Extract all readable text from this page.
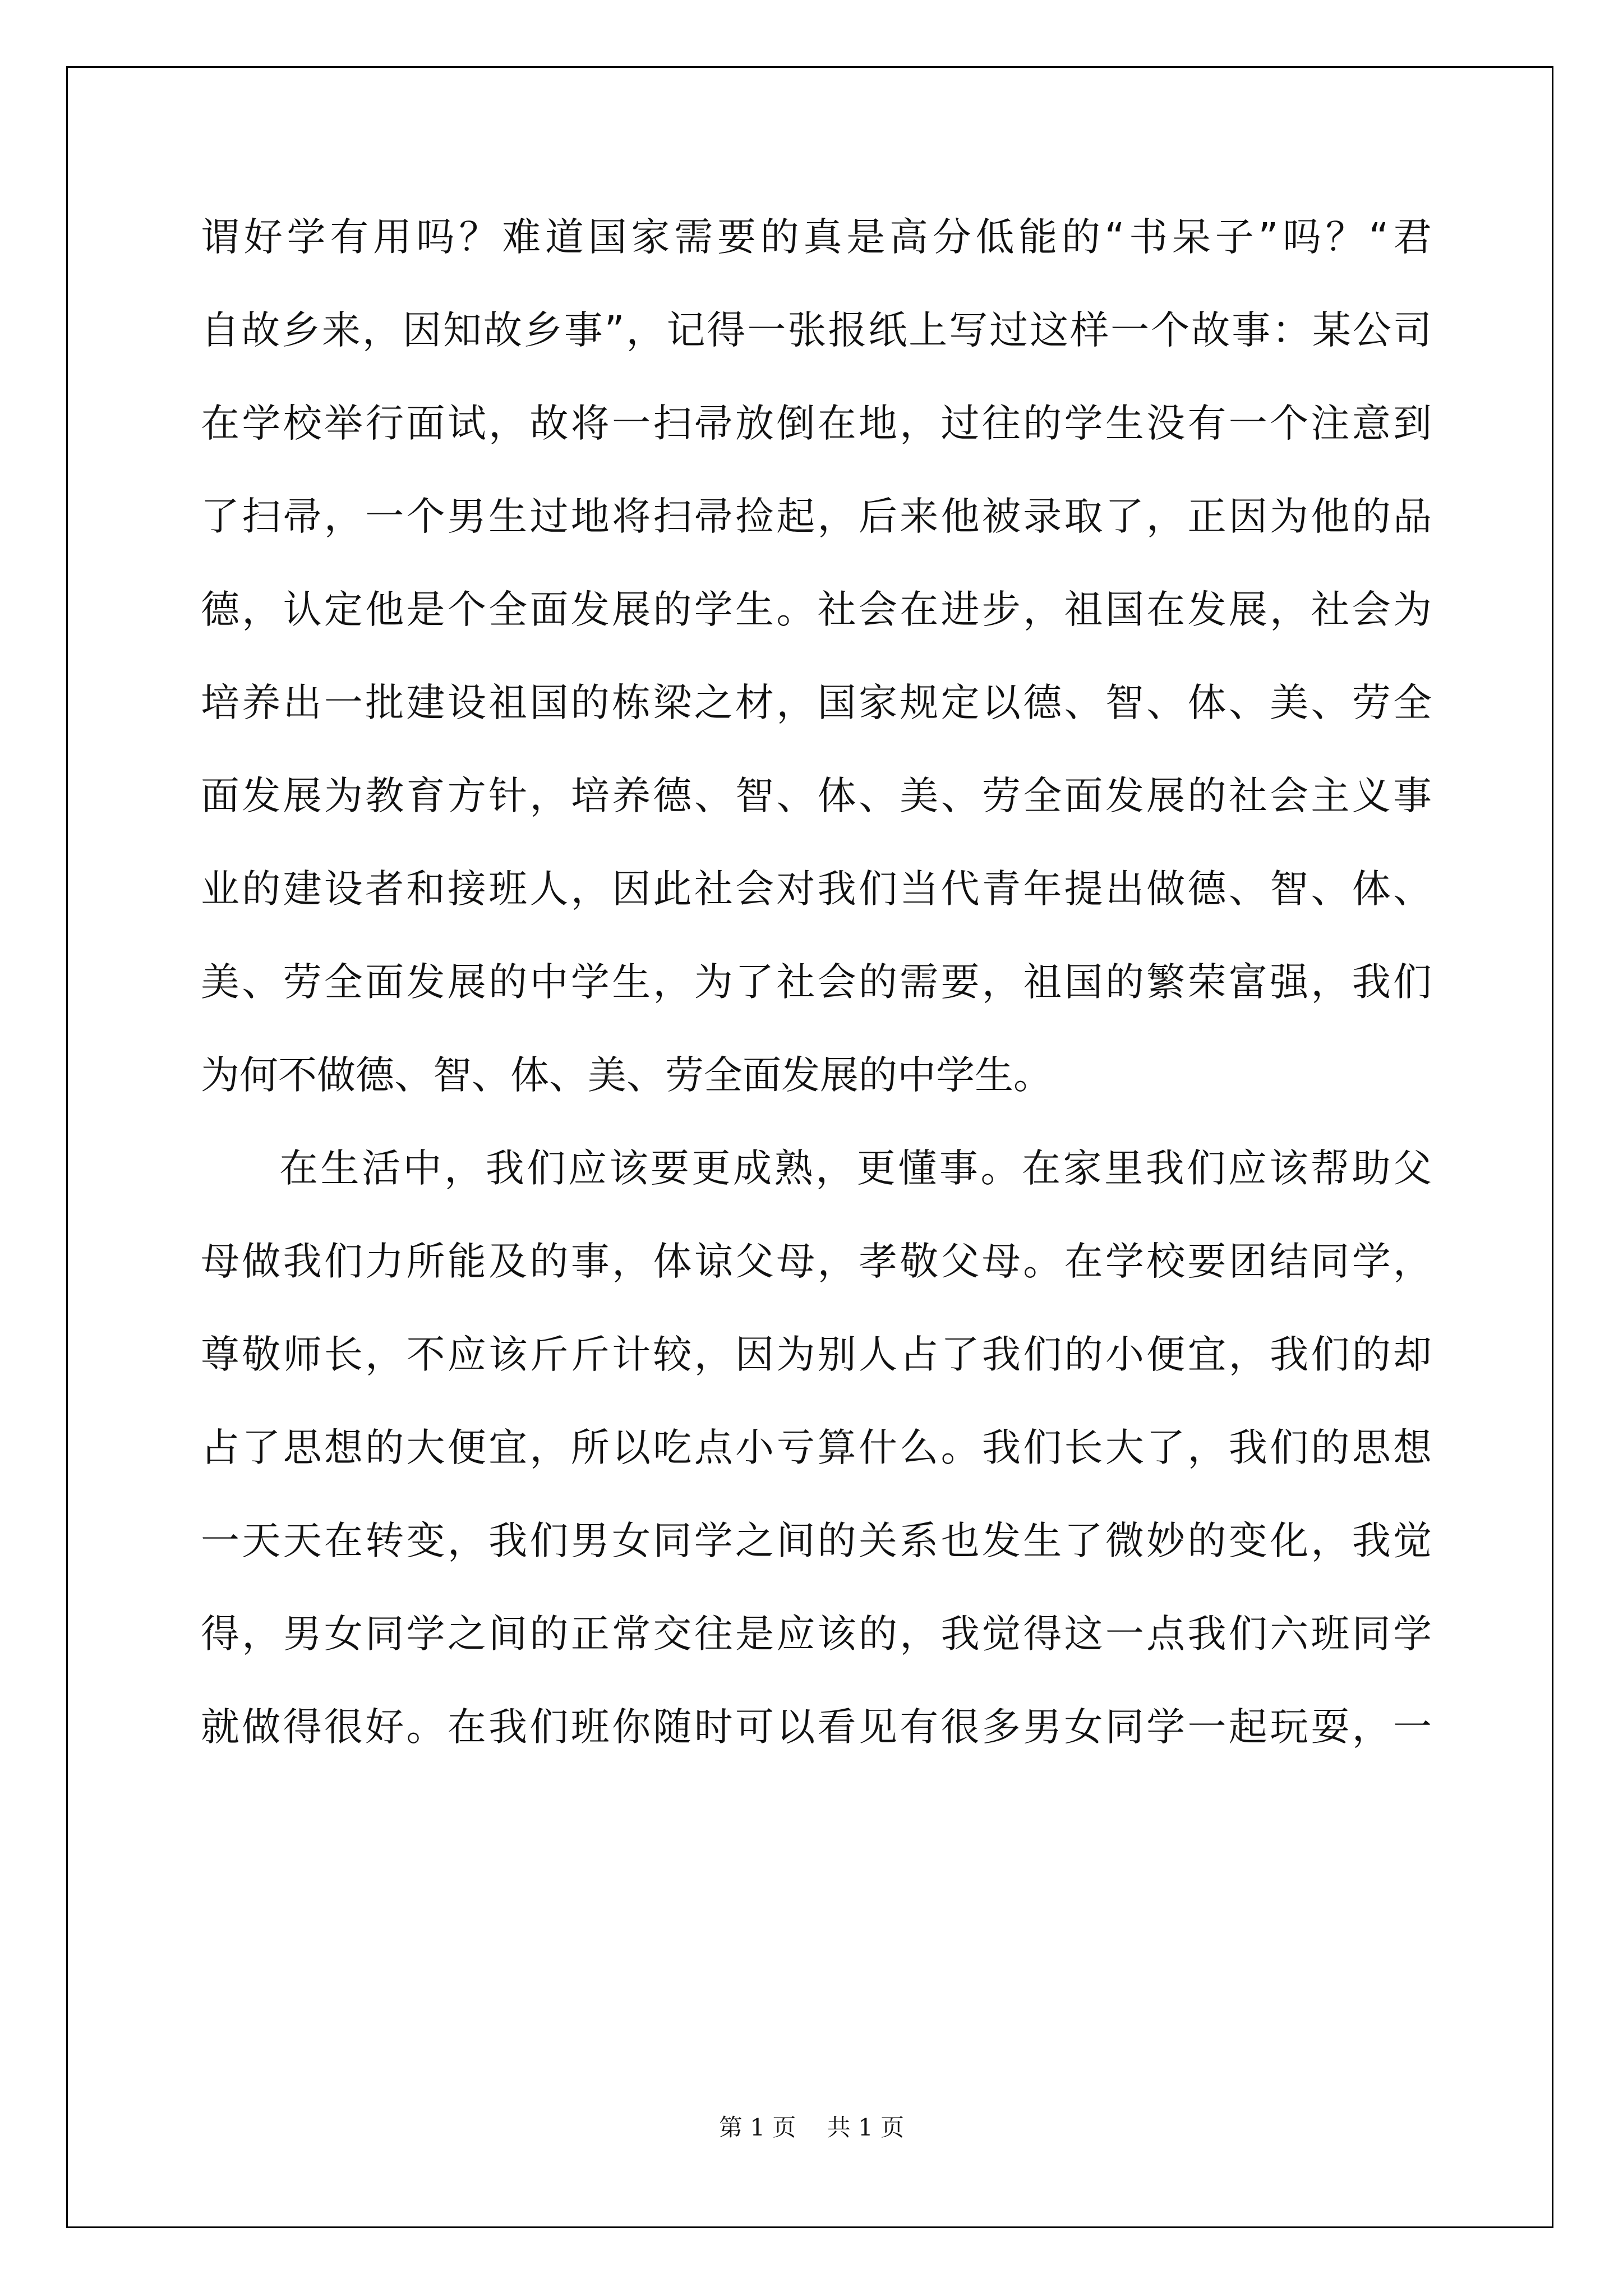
谓好学有用吗？难道国家需要的真是高分低能的“书呆子”吗？“君
自故乡来，因知故乡事”，记得一张报纸上写过这样一个故事：某公司
在学校举行面试，故将一扫帚放倒在地，过往的学生没有一个注意到
了扫帚，一个男生过地将扫帚捡起，后来他被录取了，正因为他的品
德，认定他是个全面发展的学生。社会在进步，祖国在发展，社会为
培养出一批建设祖国的栋梁之材，国家规定以德、智、体、美、劳全
面发展为教育方针，培养德、智、体、美、劳全面发展的社会主义事
业的建设者和接班人，因此社会对我们当代青年提出做德、智、体、
美、劳全面发展的中学生，为了社会的需要，祖国的繁荣富强，我们
为何不做德、智、体、美、劳全面发展的中学生。
在生活中，我们应该要更成熟，更懂事。在家里我们应该帮助父
母做我们力所能及的事，体谅父母，孝敬父母。在学校要团结同学，
尊敬师长，不应该斤斤计较，因为别人占了我们的小便宜，我们的却
占了思想的大便宜，所以吃点小亏算什么。我们长大了，我们的思想
一天天在转变，我们男女同学之间的关系也发生了微妙的变化，我觉
得，男女同学之间的正常交往是应该的，我觉得这一点我们六班同学
就做得很好。在我们班你随时可以看见有很多男女同学一起玩耍，一
第 1 页　 共 1 页
